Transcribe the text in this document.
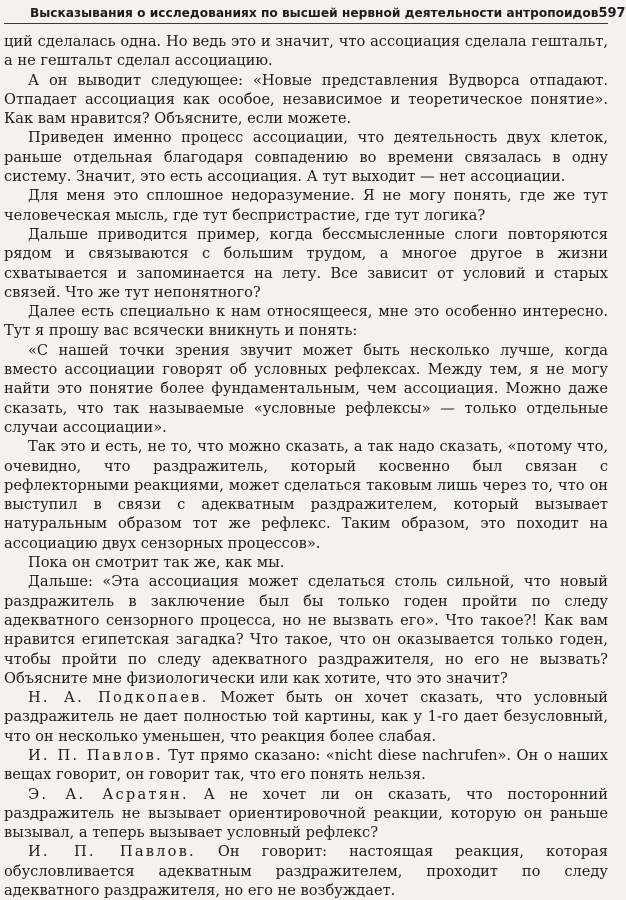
Высказывания о исследованиях по высшей нервной деятельности антропоидов 597

ций сделалась одна. Но ведь это и значит, что ассоциация сделала гештальт, а не гештальт сделал ассоциацию.

А он выводит следующее: «Новые представления Вудворса отпадают. Отпадает ассоциация как особое, независимое и теоретическое понятие». Как вам нравится? Объясните, если можете.

Приведен именно процесс ассоциации, что деятельность двух клеток, раньше отдельная благодаря совпадению во времени связалась в одну систему. Значит, это есть ассоциация. А тут выходит — нет ассоциации.

Для меня это сплошное недоразумение. Я не могу понять, где же тут человеческая мысль, где тут беспристрастие, где тут логика?

Дальше приводится пример, когда бессмысленные слоги повторяются рядом и связываются с большим трудом, а многое другое в жизни схватывается и запоминается на лету. Все зависит от условий и старых связей. Что же тут непонятного?

Далее есть специально к нам относящееся, мне это особенно интересно. Тут я прошу вас всячески вникнуть и понять:

«С нашей точки зрения звучит может быть несколько лучше, когда вместо ассоциации говорят об условных рефлексах. Между тем, я не могу найти это понятие более фундаментальным, чем ассоциация. Можно даже сказать, что так называемые «условные рефлексы» — только отдельные случаи ассоциации».

Так это и есть, не то, что можно сказать, а так надо сказать, «потому что, очевидно, что раздражитель, который косвенно был связан с рефлекторными реакциями, может сделаться таковым лишь через то, что он выступил в связи с адекватным раздражителем, который вызывает натуральным образом тот же рефлекс. Таким образом, это походит на ассоциацию двух сензорных процессов».

Пока он смотрит так же, как мы.

Дальше: «Эта ассоциация может сделаться столь сильной, что новый раздражитель в заключение был бы только годен пройти по следу адекватного сензорного процесса, но не вызвать его». Что такое?! Как вам нравится египетская загадка? Что такое, что он оказывается только годен, чтобы пройти по следу адекватного раздражителя, но его не вызвать? Объясните мне физиологически или как хотите, что это значит?

Н. А. Подкопаев. Может быть он хочет сказать, что условный раздражитель не дает полностью той картины, как у 1-го дает безусловный, что он несколько уменьшен, что реакция более слабая.

И. П. Павлов. Тут прямо сказано: «nicht diese nachrufen». Он о наших вещах говорит, он говорит так, что его понять нельзя.

Э. А. Асратян. А не хочет ли он сказать, что посторонний раздражитель не вызывает ориентировочной реакции, которую он раньше вызывал, а теперь вызывает условный рефлекс?

И. П. Павлов. Он говорит: настоящая реакция, которая обусловливается адекватным раздражителем, проходит по следу адекватного раздражителя, но его не возбуждает.
